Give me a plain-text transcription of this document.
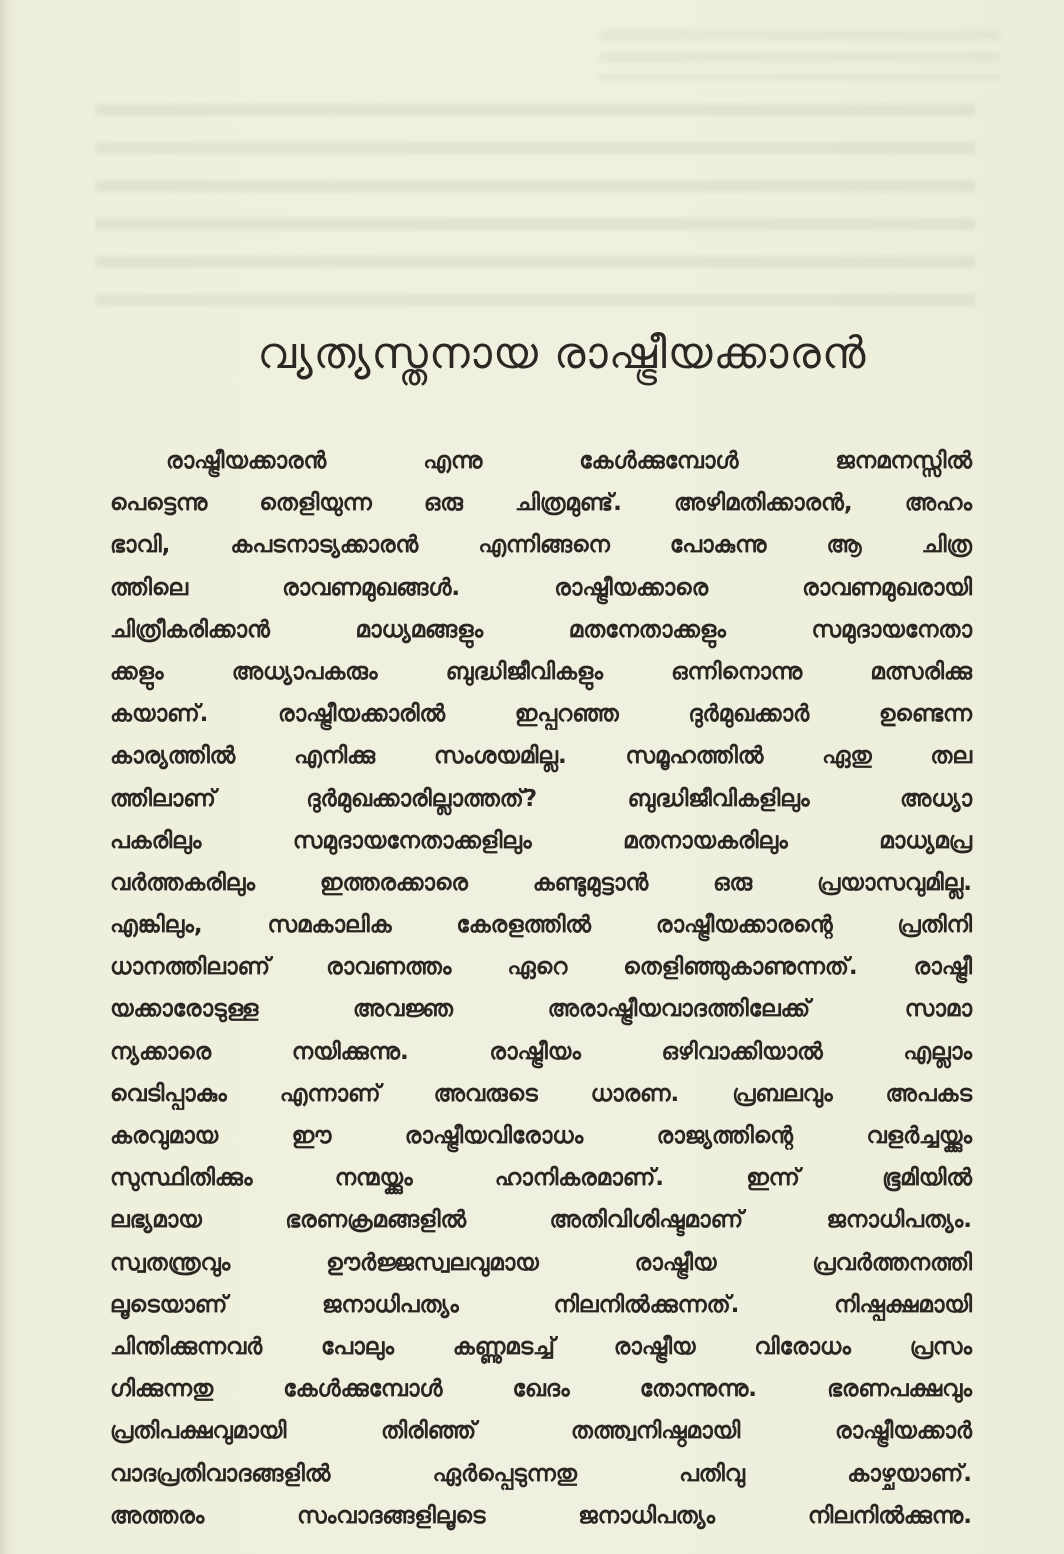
വ്യത്യസ്തനായ രാഷ്ട്രീയക്കാരൻ
രാഷ്ട്രീയക്കാരൻ എന്നു കേൾക്കുമ്പോൾ ജനമനസ്സിൽ
പെട്ടെന്നു തെളിയുന്ന ഒരു ചിത്രമുണ്ട്. അഴിമതിക്കാരൻ, അഹം
ഭാവി, കപടനാട്യക്കാരൻ എന്നിങ്ങനെ പോകുന്നു ആ ചിത്ര
ത്തിലെ രാവണമുഖങ്ങൾ. രാഷ്ട്രീയക്കാരെ രാവണമുഖരായി
ചിത്രീകരിക്കാൻ മാധ്യമങ്ങളും മതനേതാക്കളും സമുദായനേതാ
ക്കളും അധ്യാപകരും ബുദ്ധിജീവികളും ഒന്നിനൊന്നു മത്സരിക്കു
കയാണ്. രാഷ്ട്രീയക്കാരിൽ ഇപ്പറഞ്ഞ ദുർമുഖക്കാർ ഉണ്ടെന്ന
കാര്യത്തിൽ എനിക്കു സംശയമില്ല. സമൂഹത്തിൽ ഏതു തല
ത്തിലാണ് ദുർമുഖക്കാരില്ലാത്തത്? ബുദ്ധിജീവികളിലും അധ്യാ
പകരിലും സമുദായനേതാക്കളിലും മതനായകരിലും മാധ്യമപ്ര
വർത്തകരിലും ഇത്തരക്കാരെ കണ്ടുമുട്ടാൻ ഒരു പ്രയാസവുമില്ല.
എങ്കിലും, സമകാലിക കേരളത്തിൽ രാഷ്ട്രീയക്കാരന്റെ പ്രതിനി
ധാനത്തിലാണ് രാവണത്തം ഏറെ തെളിഞ്ഞുകാണുന്നത്. രാഷ്ട്രീ
യക്കാരോടുള്ള അവജ്ഞ അരാഷ്ട്രീയവാദത്തിലേക്ക് സാമാ
ന്യക്കാരെ നയിക്കുന്നു. രാഷ്ട്രീയം ഒഴിവാക്കിയാൽ എല്ലാം
വെടിപ്പാകും എന്നാണ് അവരുടെ ധാരണ. പ്രബലവും അപകട
കരവുമായ ഈ രാഷ്ട്രീയവിരോധം രാജ്യത്തിന്റെ വളർച്ചയ്ക്കും
സുസ്ഥിതിക്കും നന്മയ്ക്കും ഹാനികരമാണ്. ഇന്ന് ഭൂമിയിൽ
ലഭ്യമായ ഭരണക്രമങ്ങളിൽ അതിവിശിഷ്ടമാണ് ജനാധിപത്യം.
സ്വതന്ത്രവും ഊർജ്ജസ്വലവുമായ രാഷ്ട്രീയ പ്രവർത്തനത്തി
ലൂടെയാണ് ജനാധിപത്യം നിലനിൽക്കുന്നത്. നിഷ്പക്ഷമായി
ചിന്തിക്കുന്നവർ പോലും കണ്ണുമടച്ച് രാഷ്ട്രീയ വിരോധം പ്രസം
ഗിക്കുന്നതു കേൾക്കുമ്പോൾ ഖേദം തോന്നുന്നു. ഭരണപക്ഷവും
പ്രതിപക്ഷവുമായി തിരിഞ്ഞ് തത്ത്വനിഷ്ഠമായി രാഷ്ട്രീയക്കാർ
വാദപ്രതിവാദങ്ങളിൽ ഏർപ്പെടുന്നതു പതിവു കാഴ്ചയാണ്.
അത്തരം സംവാദങ്ങളിലൂടെ ജനാധിപത്യം നിലനിൽക്കുന്നു.
